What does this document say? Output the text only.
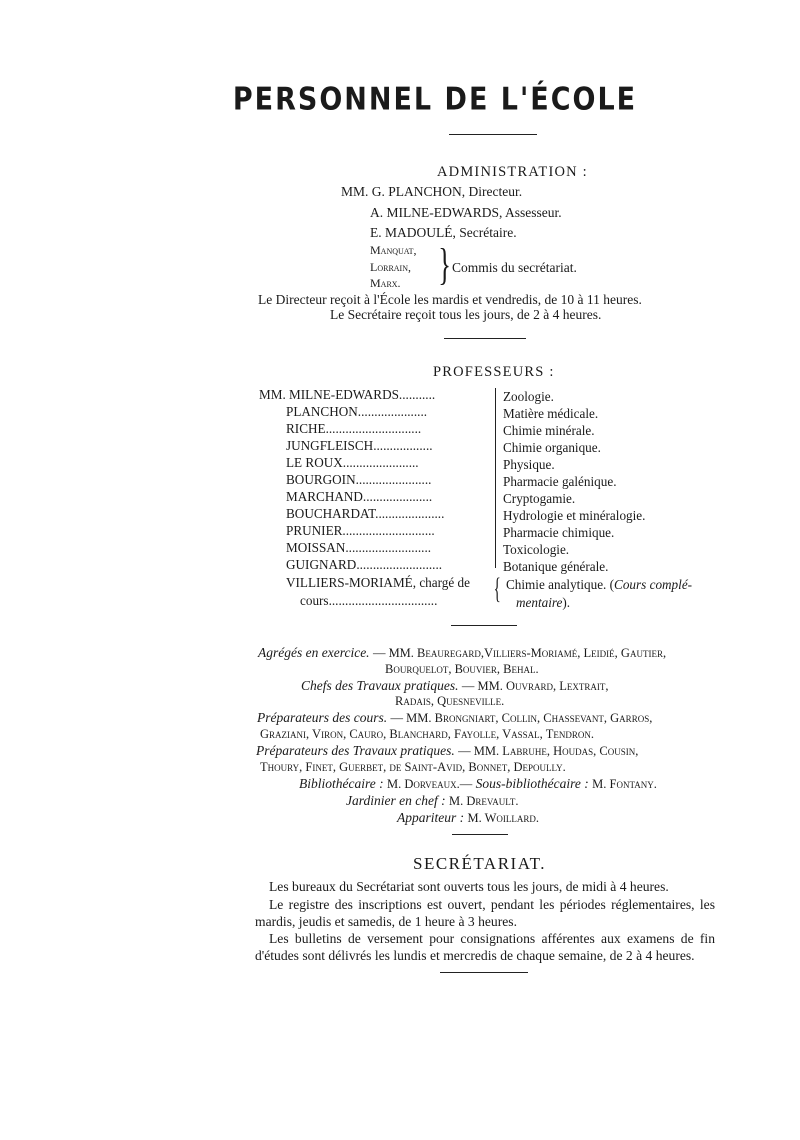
PERSONNEL DE L'ÉCOLE
ADMINISTRATION :
MM. G. PLANCHON, Directeur.
A. MILNE-EDWARDS, Assesseur.
E. MADOULÉ, Secrétaire.
Manquat,
Lorrain,
Marx. } Commis du secrétariat.
Le Directeur reçoit à l'École les mardis et vendredis, de 10 à 11 heures.
Le Secrétaire reçoit tous les jours, de 2 à 4 heures.
PROFESSEURS :
MM. MILNE-EDWARDS...........	Zoologie.
PLANCHON.....................	Matière médicale.
RICHE.............................	Chimie minérale.
JUNGFLEISCH..................	Chimie organique.
LE ROUX.......................	Physique.
BOURGOIN.......................	Pharmacie galénique.
MARCHAND.....................	Cryptogamie.
BOUCHARDAT.....................	Hydrologie et minéralogie.
PRUNIER............................	Pharmacie chimique.
MOISSAN..........................	Toxicologie.
GUIGNARD..........................	Botanique générale.
VILLIERS-MORIAMÉ, chargé de
cours................................. { Chimie analytique. (Cours complé-
mentaire).
Agrégés en exercice. — MM. Beauregard,Villiers-Moriamé, Leidié, Gautier,
Bourquelot, Bouvier, Behal.
Chefs des Travaux pratiques. — MM. Ouvrard, Lextrait,
Radais, Quesneville.
Préparateurs des cours. — MM. Brongniart, Collin, Chassevant, Garros,
Graziani, Viron, Cauro, Blanchard, Fayolle, Vassal, Tendron.
Préparateurs des Travaux pratiques. — MM. Labruhe, Houdas, Cousin,
Thoury, Finet, Guerbet, de Saint-Avid, Bonnet, Depoully.
Bibliothécaire : M. Dorveaux.— Sous-bibliothécaire : M. Fontany.
Jardinier en chef : M. Drevault.
Appariteur : M. Woillard.
SECRÉTARIAT.
Les bureaux du Secrétariat sont ouverts tous les jours, de midi à 4 heures.
Le registre des inscriptions est ouvert, pendant les périodes réglementaires, les mardis, jeudis et samedis, de 1 heure à 3 heures.
Les bulletins de versement pour consignations afférentes aux examens de fin d'études sont délivrés les lundis et mercredis de chaque semaine, de 2 à 4 heures.
